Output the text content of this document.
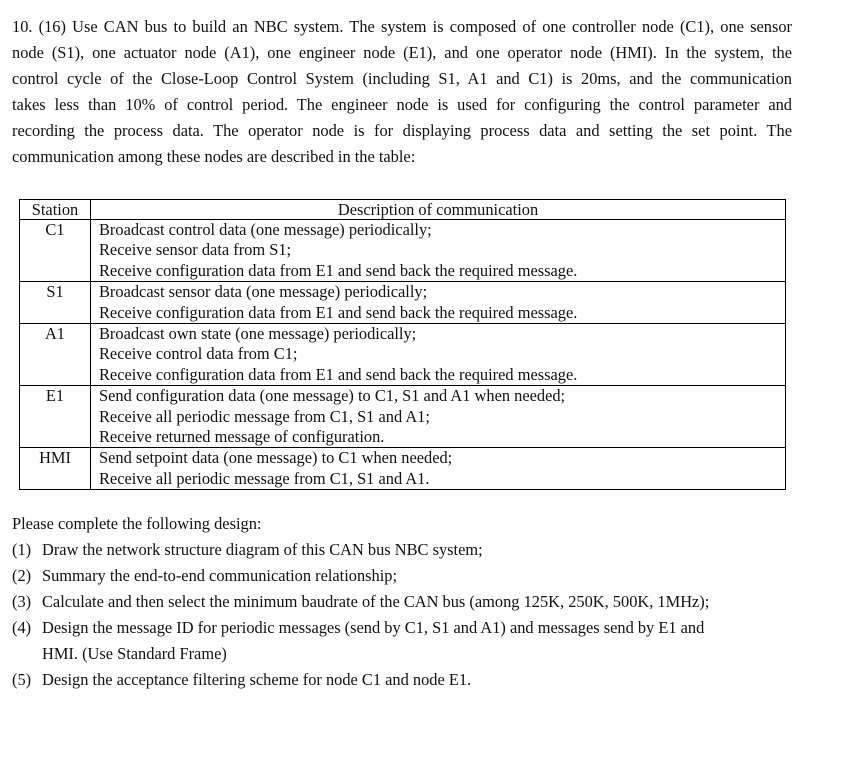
10. (16) Use CAN bus to build an NBC system. The system is composed of one controller node (C1), one sensor
node (S1), one actuator node (A1), one engineer node (E1), and one operator node (HMI). In the system, the
control cycle of the Close-Loop Control System (including S1, A1 and C1) is 20ms, and the communication
takes less than 10% of control period. The engineer node is used for configuring the control parameter and
recording the process data. The operator node is for displaying process data and setting the set point. The
communication among these nodes are described in the table:
Station	Description of communication
C1	Broadcast control data (one message) periodically;
Receive sensor data from S1;
Receive configuration data from E1 and send back the required message.

S1	Broadcast sensor data (one message) periodically;
Receive configuration data from E1 and send back the required message.

A1	Broadcast own state (one message) periodically;
Receive control data from C1;
Receive configuration data from E1 and send back the required message.

E1	Send configuration data (one message) to C1, S1 and A1 when needed;
Receive all periodic message from C1, S1 and A1;
Receive returned message of configuration.

HMI	Send setpoint data (one message) to C1 when needed;
Receive all periodic message from C1, S1 and A1.
Please complete the following design:
(1) Draw the network structure diagram of this CAN bus NBC system;
(2) Summary the end-to-end communication relationship;
(3) Calculate and then select the minimum baudrate of the CAN bus (among 125K, 250K, 500K, 1MHz);
(4) Design the message ID for periodic messages (send by C1, S1 and A1) and messages send by E1 and
HMI. (Use Standard Frame)
(5) Design the acceptance filtering scheme for node C1 and node E1.
